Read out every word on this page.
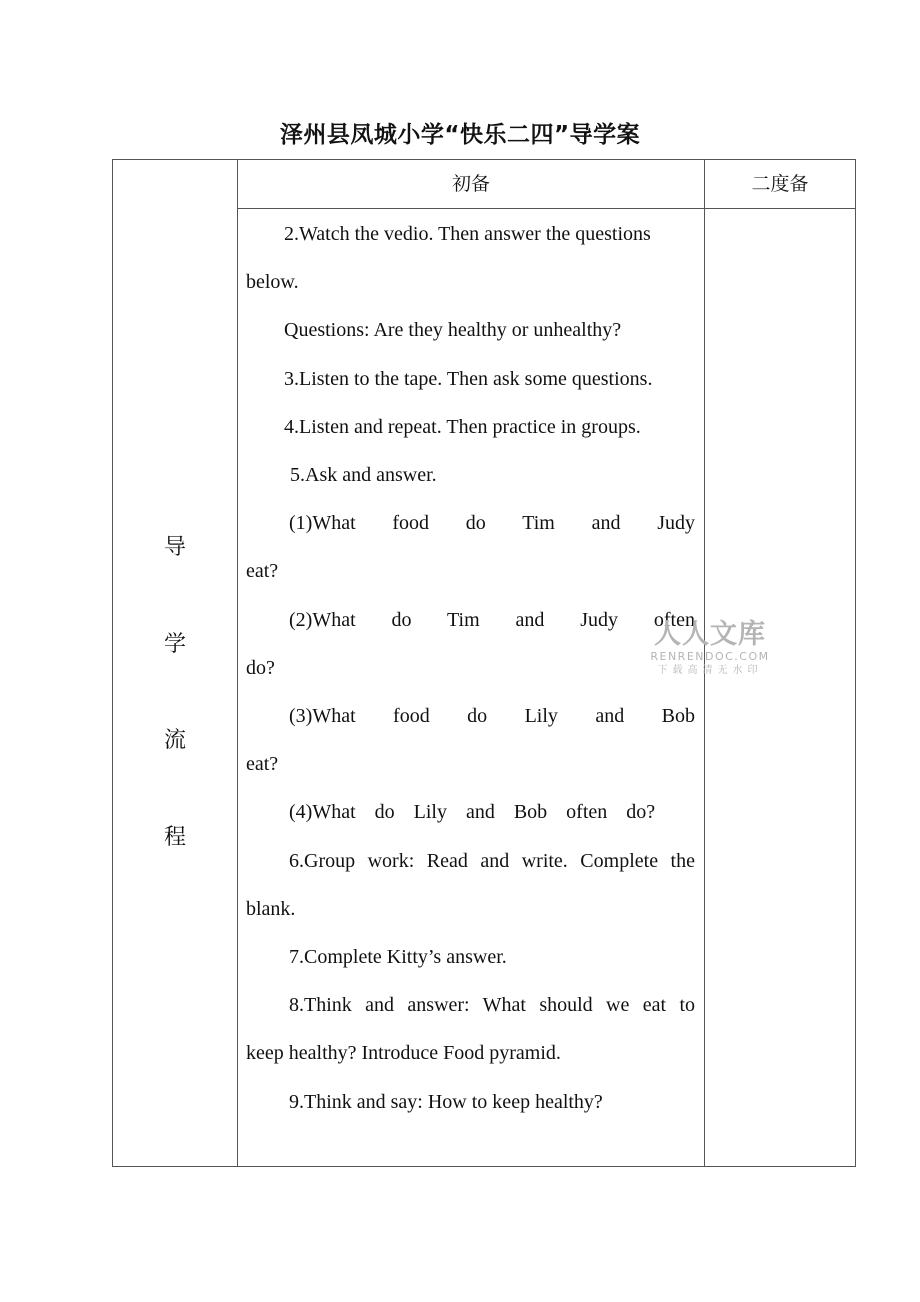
泽州县凤城小学“快乐二四”导学案
导
学
流
程
初备	二度备

2.Watch the vedio. Then answer the questions

below.

Questions: Are they healthy or unhealthy?

3.Listen to the tape. Then ask some questions.

4.Listen and repeat. Then practice in groups.

5.Ask and answer.

(1)What food do Tim and Judy

eat?

(2)What do Tim and Judy often

do?

(3)What food do Lily and Bob

eat?

(4)What do Lily and Bob often do?

6.Group work: Read and write. Complete the

blank.

7.Complete Kitty’s answer.

8.Think and answer: What should we eat to

keep healthy? Introduce Food pyramid.

9.Think and say: How to keep healthy?

人人文库
RENRENDOC.COM
下载高清无水印
